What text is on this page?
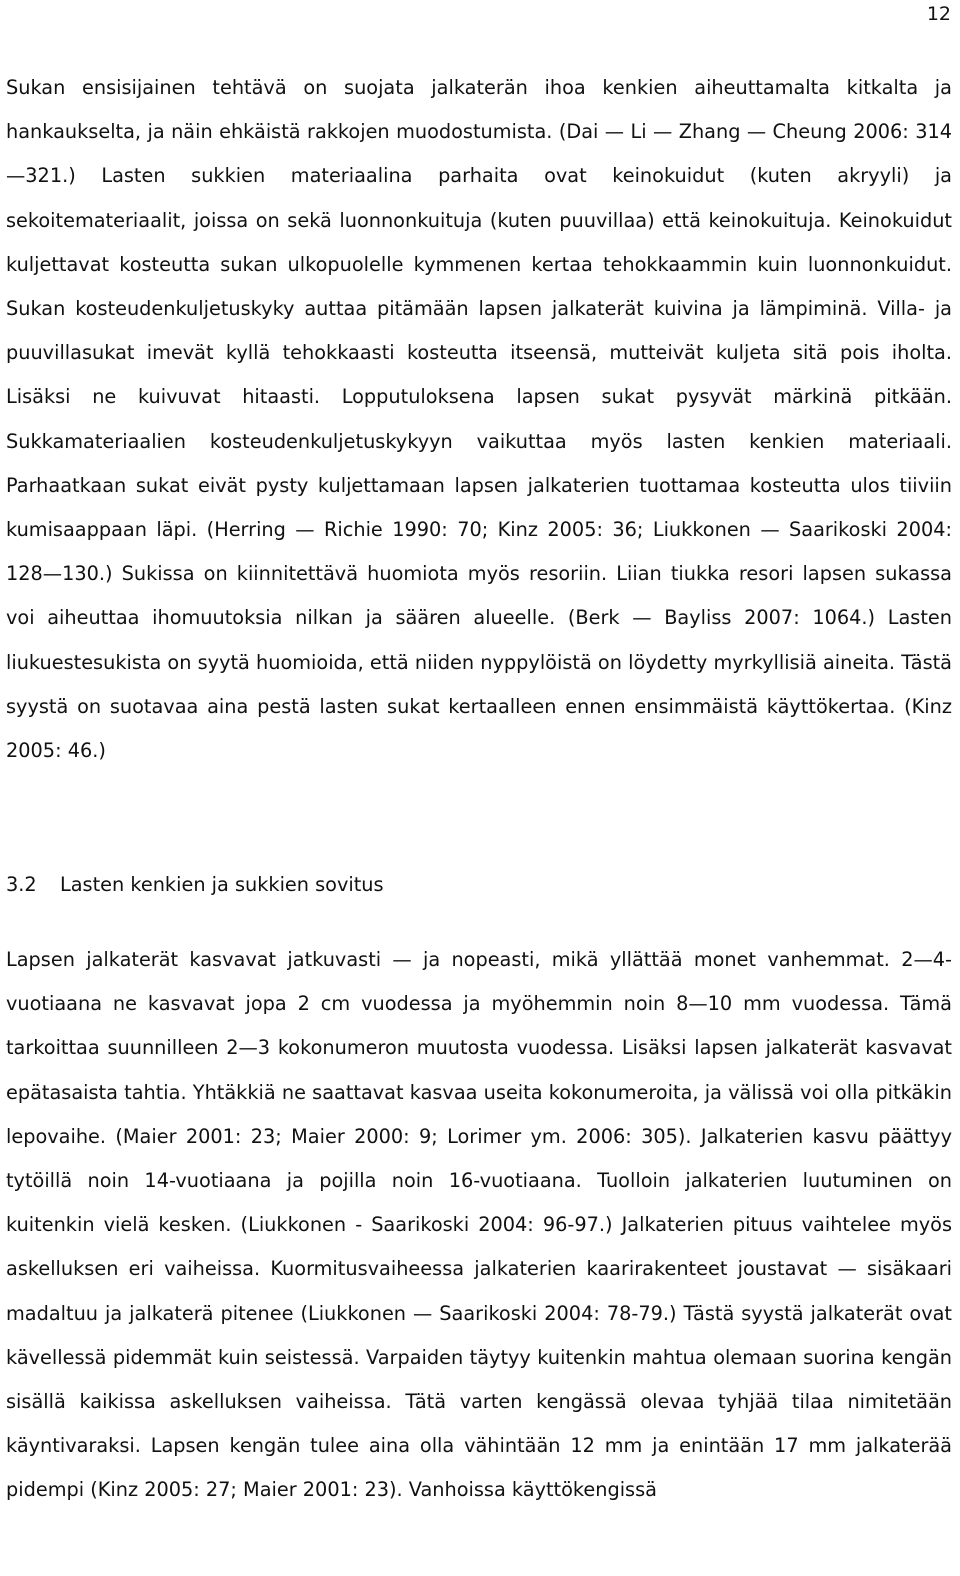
12

Sukan ensisijainen tehtävä on suojata jalkaterän ihoa kenkien aiheuttamalta kitkalta ja hankaukselta, ja näin ehkäistä rakkojen muodostumista. (Dai — Li — Zhang — Cheung 2006: 314—321.) Lasten sukkien materiaalina parhaita ovat keinokuidut (kuten akryyli) ja sekoitemateriaalit, joissa on sekä luonnonkuituja (kuten puuvillaa) että keinokuituja. Keinokuidut kuljettavat kosteutta sukan ulkopuolelle kymmenen kertaa tehokkaammin kuin luonnonkuidut. Sukan kosteudenkuljetuskyky auttaa pitämään lapsen jalkaterät kuivina ja lämpiminä. Villa- ja puuvillasukat imevät kyllä tehokkaasti kosteutta itseensä, mutteivät kuljeta sitä pois iholta. Lisäksi ne kuivuvat hitaasti. Lopputuloksena lapsen sukat pysyvät märkinä pitkään. Sukkamateriaalien kosteudenkuljetuskykyyn vaikuttaa myös lasten kenkien materiaali. Parhaatkaan sukat eivät pysty kuljettamaan lapsen jalkaterien tuottamaa kosteutta ulos tiiviin kumisaappaan läpi. (Herring — Richie 1990: 70; Kinz 2005: 36; Liukkonen — Saarikoski 2004: 128—130.) Sukissa on kiinnitettävä huomiota myös resoriin. Liian tiukka resori lapsen sukassa voi aiheuttaa ihomuutoksia nilkan ja säären alueelle. (Berk — Bayliss 2007: 1064.) Lasten liukuestesukista on syytä huomioida, että niiden nyppylöistä on löydetty myrkyllisiä aineita. Tästä syystä on suotavaa aina pestä lasten sukat kertaalleen ennen ensimmäistä käyttökertaa. (Kinz 2005: 46.)

3.2 Lasten kenkien ja sukkien sovitus

Lapsen jalkaterät kasvavat jatkuvasti — ja nopeasti, mikä yllättää monet vanhemmat. 2—4-vuotiaana ne kasvavat jopa 2 cm vuodessa ja myöhemmin noin 8—10 mm vuodessa. Tämä tarkoittaa suunnilleen 2—3 kokonumeron muutosta vuodessa. Lisäksi lapsen jalkaterät kasvavat epätasaista tahtia. Yhtäkkiä ne saattavat kasvaa useita kokonumeroita, ja välissä voi olla pitkäkin lepovaihe. (Maier 2001: 23; Maier 2000: 9; Lorimer ym. 2006: 305). Jalkaterien kasvu päättyy tytöillä noin 14-vuotiaana ja pojilla noin 16-vuotiaana. Tuolloin jalkaterien luutuminen on kuitenkin vielä kesken. (Liukkonen - Saarikoski 2004: 96-97.) Jalkaterien pituus vaihtelee myös askelluksen eri vaiheissa. Kuormitusvaiheessa jalkaterien kaarirakenteet joustavat — sisäkaari madaltuu ja jalkaterä pitenee (Liukkonen — Saarikoski 2004: 78-79.) Tästä syystä jalkaterät ovat kävellessä pidemmät kuin seistessä. Varpaiden täytyy kuitenkin mahtua olemaan suorina kengän sisällä kaikissa askelluksen vaiheissa. Tätä varten kengässä olevaa tyhjää tilaa nimitetään käyntivaraksi. Lapsen kengän tulee aina olla vähintään 12 mm ja enintään 17 mm jalkaterää pidempi (Kinz 2005: 27; Maier 2001: 23). Vanhoissa käyttökengissä
